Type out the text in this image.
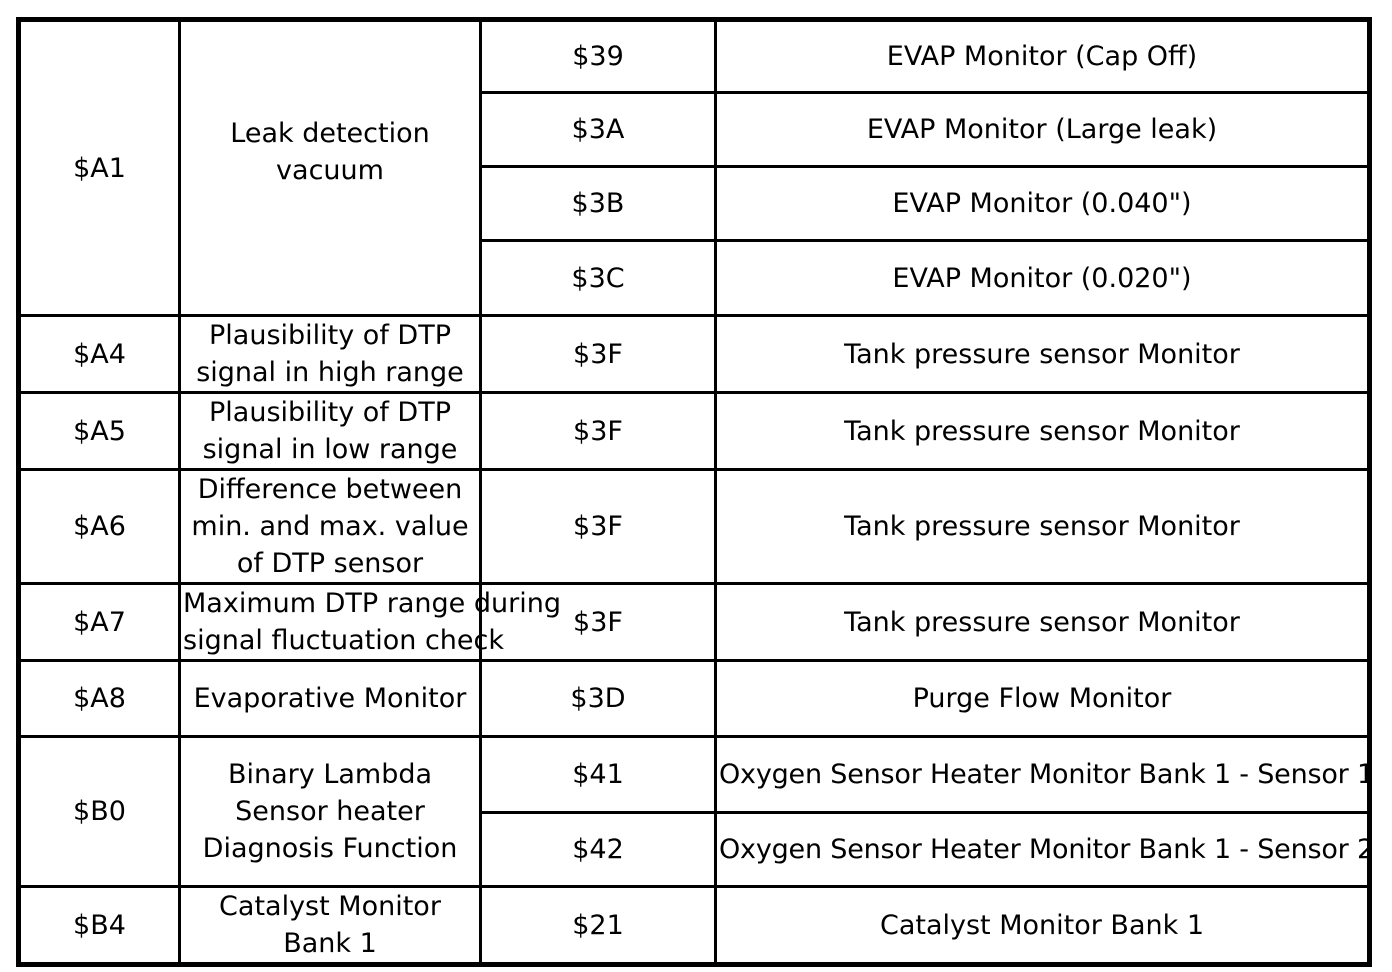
$A1	Leak detection
vacuum	$39	EVAP Monitor (Cap Off)
		$3A	EVAP Monitor (Large leak)
		$3B	EVAP Monitor (0.040")
		$3C	EVAP Monitor (0.020")
$A4	Plausibility of DTP
signal in high range	$3F	Tank pressure sensor Monitor
$A5	Plausibility of DTP
signal in low range	$3F	Tank pressure sensor Monitor
$A6	Difference between
min. and max. value
of DTP sensor	$3F	Tank pressure sensor Monitor
$A7	Maximum DTP range during
signal fluctuation check	$3F	Tank pressure sensor Monitor
$A8	Evaporative Monitor	$3D	Purge Flow Monitor
$B0	Binary Lambda
Sensor heater
Diagnosis Function	$41	Oxygen Sensor Heater Monitor Bank 1 - Sensor 1
		$42	Oxygen Sensor Heater Monitor Bank 1 - Sensor 2
$B4	Catalyst Monitor
Bank 1	$21	Catalyst Monitor Bank 1
